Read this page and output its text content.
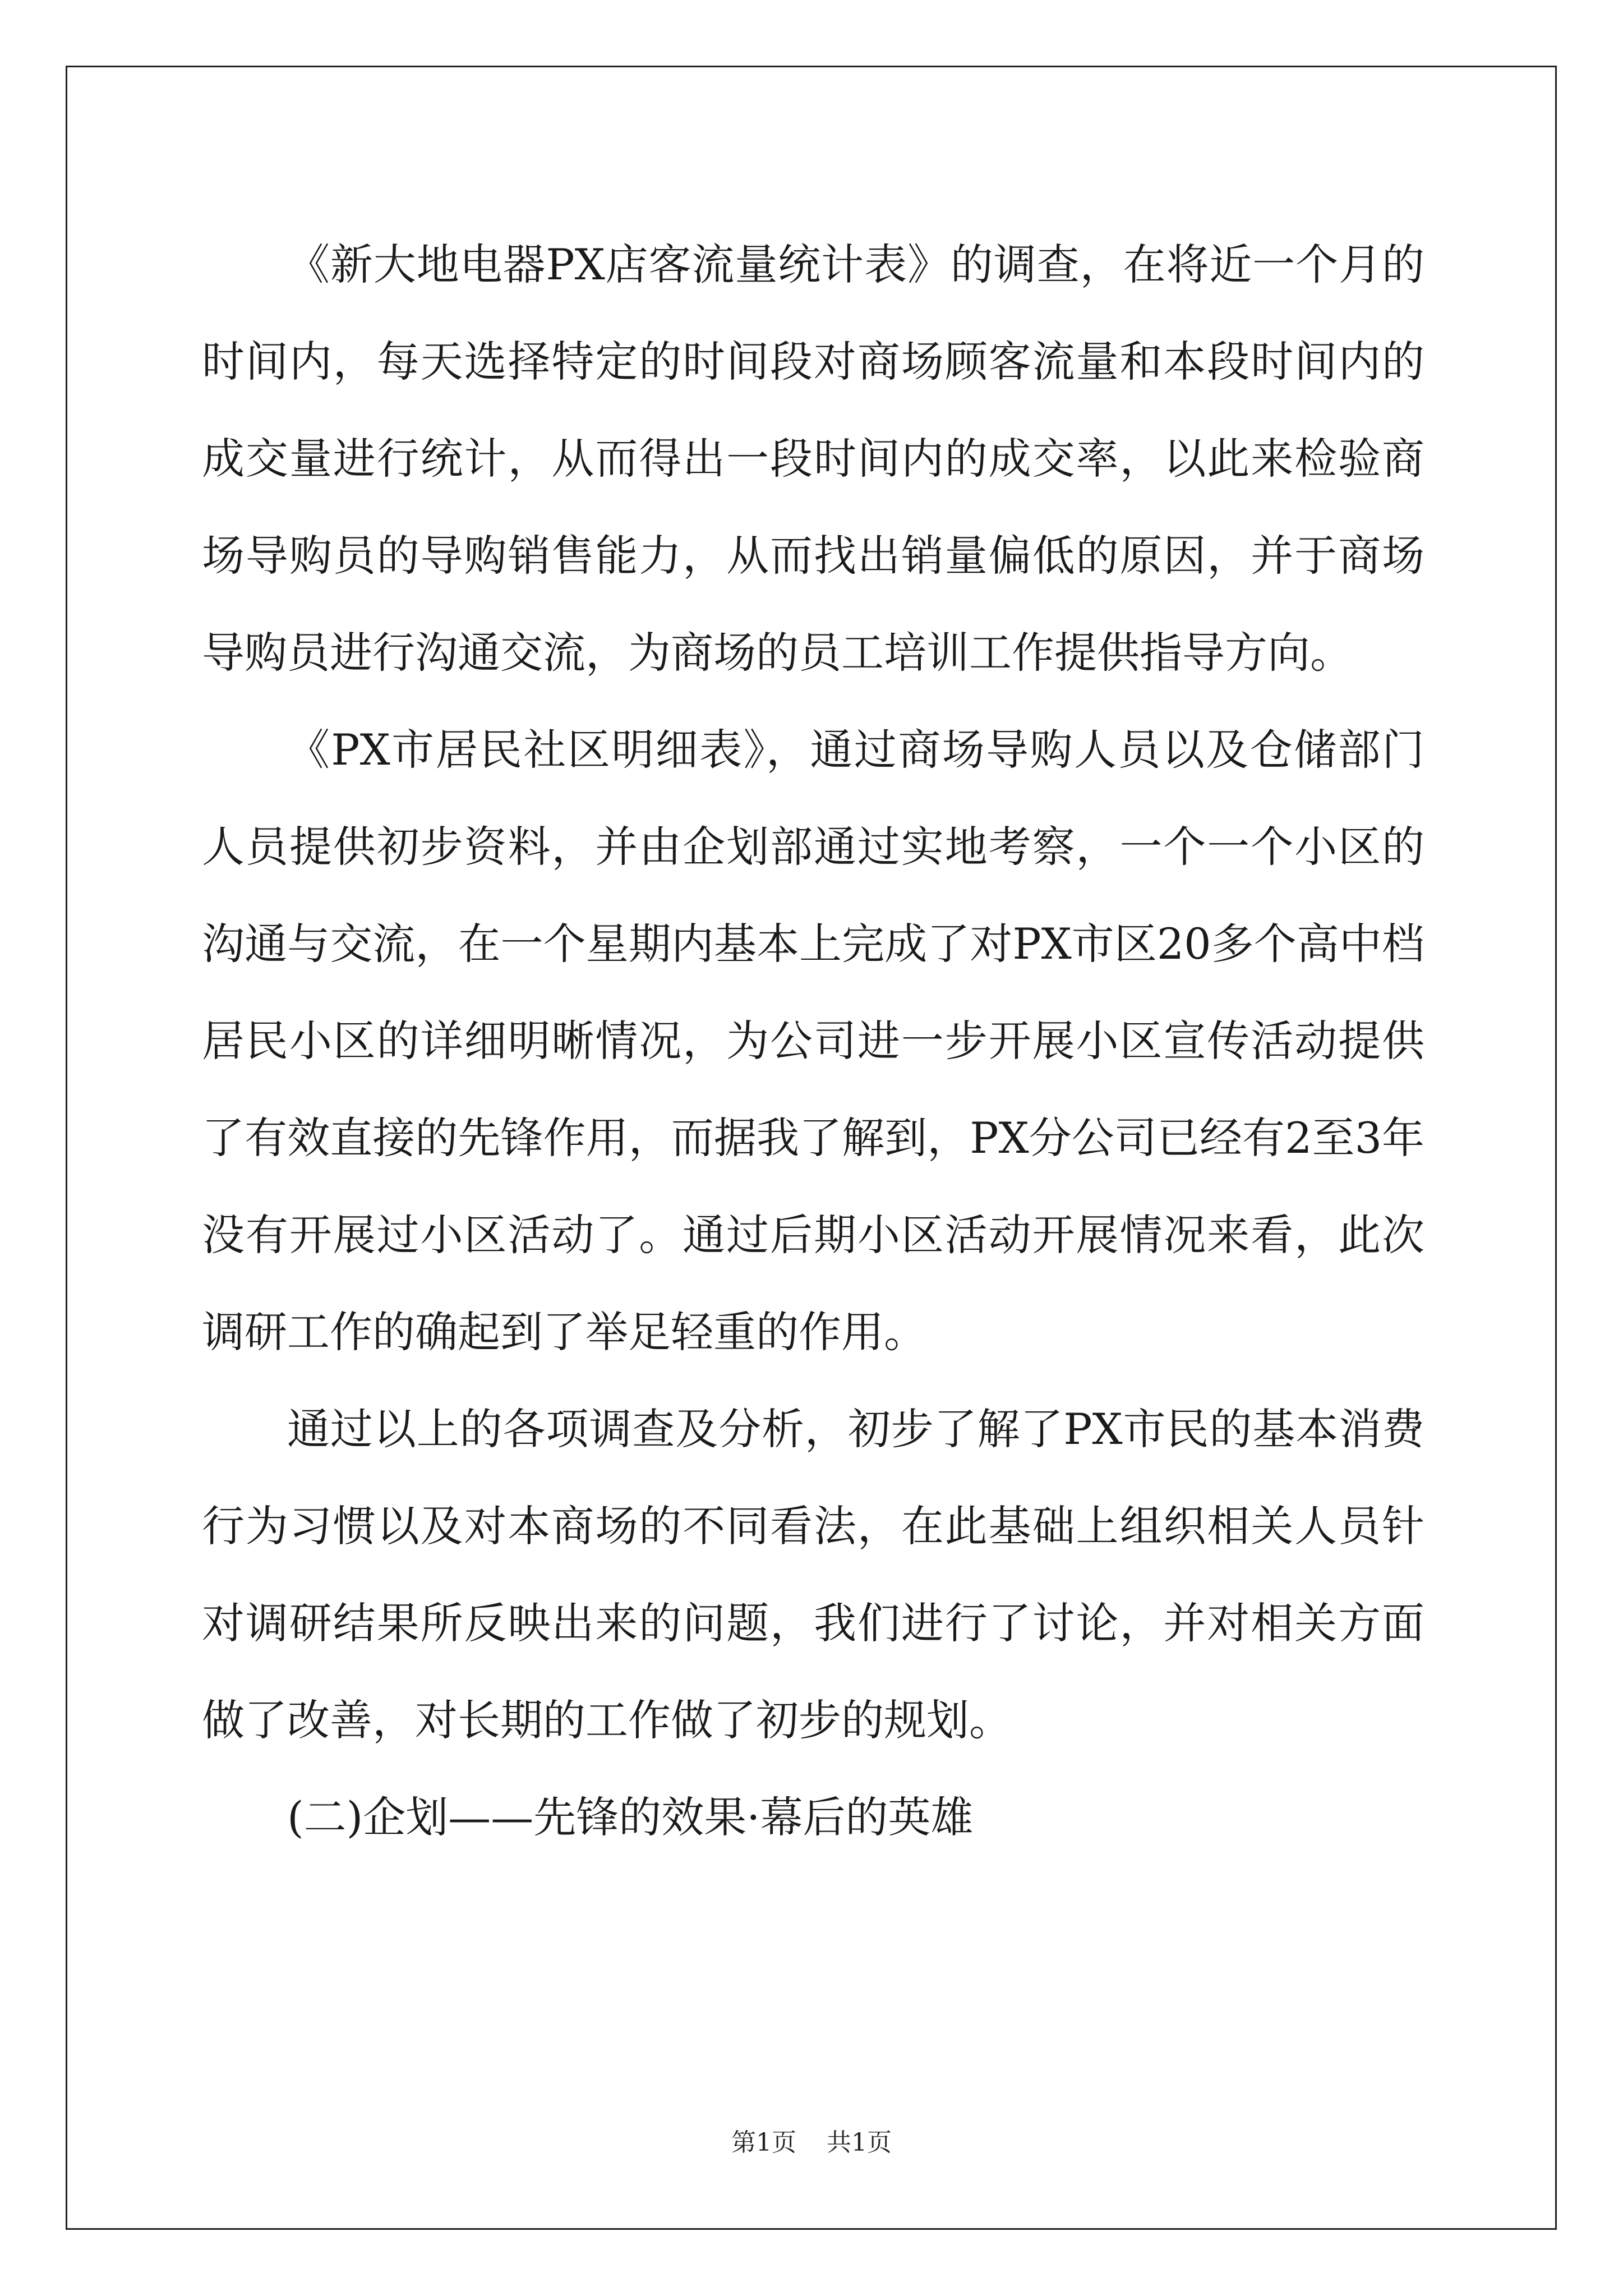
《新大地电器PX店客流量统计表》的调查，在将近一个月的时间内，每天选择特定的时间段对商场顾客流量和本段时间内的成交量进行统计，从而得出一段时间内的成交率，以此来检验商场导购员的导购销售能力，从而找出销量偏低的原因，并于商场导购员进行沟通交流，为商场的员工培训工作提供指导方向。

《PX市居民社区明细表》，通过商场导购人员以及仓储部门人员提供初步资料，并由企划部通过实地考察，一个一个小区的沟通与交流，在一个星期内基本上完成了对PX市区20多个高中档居民小区的详细明晰情况，为公司进一步开展小区宣传活动提供了有效直接的先锋作用，而据我了解到，PX分公司已经有2至3年没有开展过小区活动了。通过后期小区活动开展情况来看，此次调研工作的确起到了举足轻重的作用。

通过以上的各项调查及分析，初步了解了PX市民的基本消费行为习惯以及对本商场的不同看法，在此基础上组织相关人员针对调研结果所反映出来的问题，我们进行了讨论，并对相关方面做了改善，对长期的工作做了初步的规划。

(二)企划——先锋的效果·幕后的英雄

第1页 共1页
